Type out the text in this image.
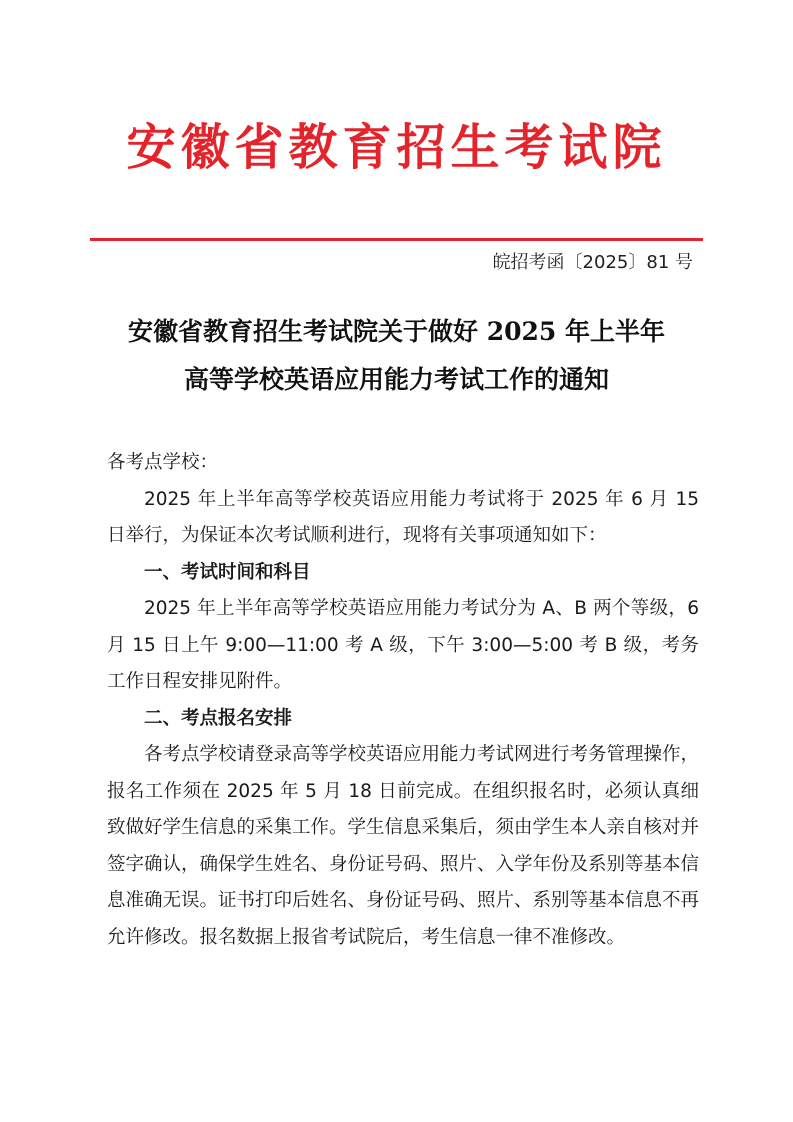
安徽省教育招生考试院
皖招考函〔2025〕81 号
安徽省教育招生考试院关于做好 2025 年上半年
高等学校英语应用能力考试工作的通知

各考点学校：

2025 年上半年高等学校英语应用能力考试将于 2025 年 6 月 15 日举行，为保证本次考试顺利进行，现将有关事项通知如下：

一、考试时间和科目

2025 年上半年高等学校英语应用能力考试分为 A、B 两个等级，6 月 15 日上午 9:00—11:00 考 A 级，下午 3:00—5:00 考 B 级，考务工作日程安排见附件。

二、考点报名安排

各考点学校请登录高等学校英语应用能力考试网进行考务管理操作，报名工作须在 2025 年 5 月 18 日前完成。在组织报名时，必须认真细致做好学生信息的采集工作。学生信息采集后，须由学生本人亲自核对并签字确认，确保学生姓名、身份证号码、照片、入学年份及系别等基本信息准确无误。证书打印后姓名、身份证号码、照片、系别等基本信息不再允许修改。报名数据上报省考试院后，考生信息一律不准修改。
